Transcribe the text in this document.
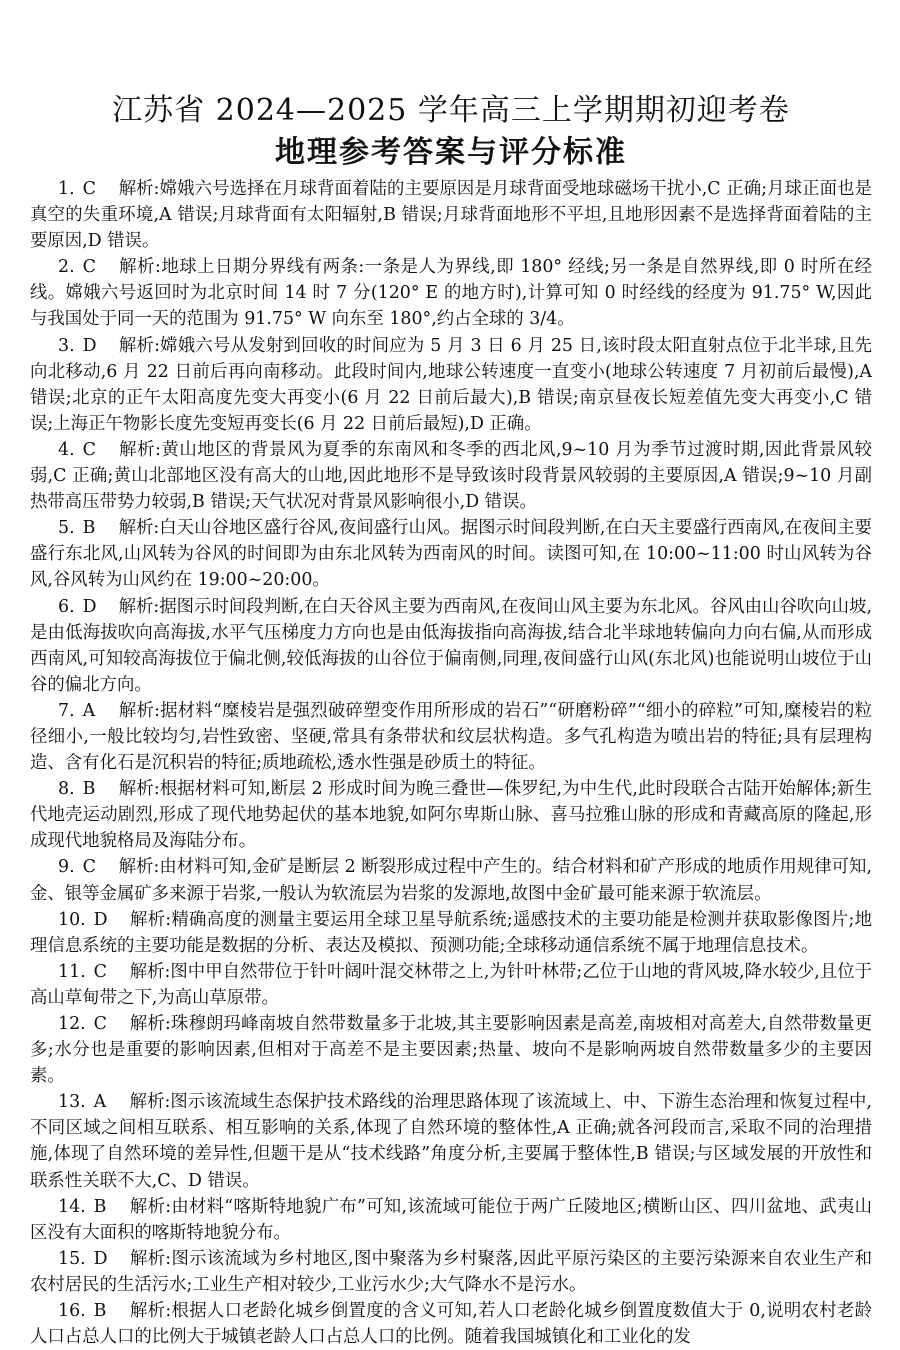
江苏省 2024—2025 学年高三上学期期初迎考卷
地理参考答案与评分标准

1. C 解析:嫦娥六号选择在月球背面着陆的主要原因是月球背面受地球磁场干扰小,C 正确;月球正面也是真空的失重环境,A 错误;月球背面有太阳辐射,B 错误;月球背面地形不平坦,且地形因素不是选择背面着陆的主要原因,D 错误。

2. C 解析:地球上日期分界线有两条:一条是人为界线,即 180° 经线;另一条是自然界线,即 0 时所在经线。嫦娥六号返回时为北京时间 14 时 7 分(120° E 的地方时),计算可知 0 时经线的经度为 91.75° W,因此与我国处于同一天的范围为 91.75° W 向东至 180°,约占全球的 3/4。

3. D 解析:嫦娥六号从发射到回收的时间应为 5 月 3 日 6 月 25 日,该时段太阳直射点位于北半球,且先向北移动,6 月 22 日前后再向南移动。此段时间内,地球公转速度一直变小(地球公转速度 7 月初前后最慢),A 错误;北京的正午太阳高度先变大再变小(6 月 22 日前后最大),B 错误;南京昼夜长短差值先变大再变小,C 错误;上海正午物影长度先变短再变长(6 月 22 日前后最短),D 正确。

4. C 解析:黄山地区的背景风为夏季的东南风和冬季的西北风,9~10 月为季节过渡时期,因此背景风较弱,C 正确;黄山北部地区没有高大的山地,因此地形不是导致该时段背景风较弱的主要原因,A 错误;9~10 月副热带高压带势力较弱,B 错误;天气状况对背景风影响很小,D 错误。

5. B 解析:白天山谷地区盛行谷风,夜间盛行山风。据图示时间段判断,在白天主要盛行西南风,在夜间主要盛行东北风,山风转为谷风的时间即为由东北风转为西南风的时间。读图可知,在 10:00~11:00 时山风转为谷风,谷风转为山风约在 19:00~20:00。

6. D 解析:据图示时间段判断,在白天谷风主要为西南风,在夜间山风主要为东北风。谷风由山谷吹向山坡,是由低海拔吹向高海拔,水平气压梯度力方向也是由低海拔指向高海拔,结合北半球地转偏向力向右偏,从而形成西南风,可知较高海拔位于偏北侧,较低海拔的山谷位于偏南侧,同理,夜间盛行山风(东北风)也能说明山坡位于山谷的偏北方向。

7. A 解析:据材料“糜棱岩是强烈破碎塑变作用所形成的岩石”“研磨粉碎”“细小的碎粒”可知,糜棱岩的粒径细小,一般比较均匀,岩性致密、坚硬,常具有条带状和纹层状构造。多气孔构造为喷出岩的特征;具有层理构造、含有化石是沉积岩的特征;质地疏松,透水性强是砂质土的特征。

8. B 解析:根据材料可知,断层 2 形成时间为晚三叠世—侏罗纪,为中生代,此时段联合古陆开始解体;新生代地壳运动剧烈,形成了现代地势起伏的基本地貌,如阿尔卑斯山脉、喜马拉雅山脉的形成和青藏高原的隆起,形成现代地貌格局及海陆分布。

9. C 解析:由材料可知,金矿是断层 2 断裂形成过程中产生的。结合材料和矿产形成的地质作用规律可知,金、银等金属矿多来源于岩浆,一般认为软流层为岩浆的发源地,故图中金矿最可能来源于软流层。

10. D 解析:精确高度的测量主要运用全球卫星导航系统;遥感技术的主要功能是检测并获取影像图片;地理信息系统的主要功能是数据的分析、表达及模拟、预测功能;全球移动通信系统不属于地理信息技术。

11. C 解析:图中甲自然带位于针叶阔叶混交林带之上,为针叶林带;乙位于山地的背风坡,降水较少,且位于高山草甸带之下,为高山草原带。

12. C 解析:珠穆朗玛峰南坡自然带数量多于北坡,其主要影响因素是高差,南坡相对高差大,自然带数量更多;水分也是重要的影响因素,但相对于高差不是主要因素;热量、坡向不是影响两坡自然带数量多少的主要因素。

13. A 解析:图示该流域生态保护技术路线的治理思路体现了该流域上、中、下游生态治理和恢复过程中,不同区域之间相互联系、相互影响的关系,体现了自然环境的整体性,A 正确;就各河段而言,采取不同的治理措施,体现了自然环境的差异性,但题干是从“技术线路”角度分析,主要属于整体性,B 错误;与区域发展的开放性和联系性关联不大,C、D 错误。

14. B 解析:由材料“喀斯特地貌广布”可知,该流域可能位于两广丘陵地区;横断山区、四川盆地、武夷山区没有大面积的喀斯特地貌分布。

15. D 解析:图示该流域为乡村地区,图中聚落为乡村聚落,因此平原污染区的主要污染源来自农业生产和农村居民的生活污水;工业生产相对较少,工业污水少;大气降水不是污水。

16. B 解析:根据人口老龄化城乡倒置度的含义可知,若人口老龄化城乡倒置度数值大于 0,说明农村老龄人口占总人口的比例大于城镇老龄人口占总人口的比例。随着我国城镇化和工业化的发
